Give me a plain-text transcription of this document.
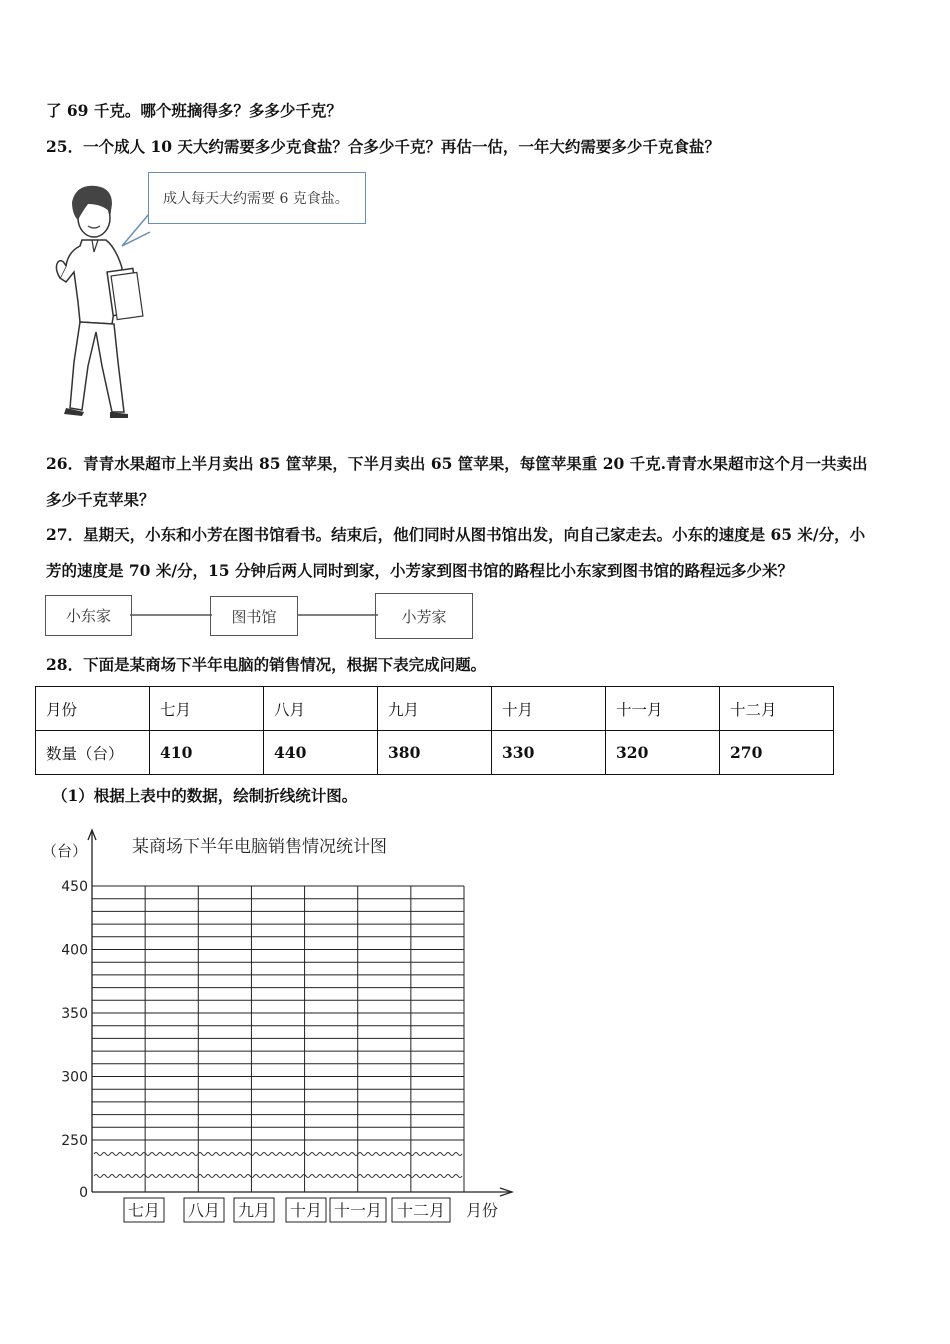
了 69 千克。哪个班摘得多？多多少千克？
25．一个成人 10 天大约需要多少克食盐？合多少千克？再估一估，一年大约需要多少千克食盐？
成人每天大约需要 6 克食盐。
26．青青水果超市上半月卖出 85 筐苹果，下半月卖出 65 筐苹果，每筐苹果重 20 千克.青青水果超市这个月一共卖出
多少千克苹果？
27．星期天，小东和小芳在图书馆看书。结束后，他们同时从图书馆出发，向自己家走去。小东的速度是 65 米/分，小
芳的速度是 70 米/分，15 分钟后两人同时到家，小芳家到图书馆的路程比小东家到图书馆的路程远多少米？
小东家	图书馆	小芳家
28．下面是某商场下半年电脑的销售情况，根据下表完成问题。
月份	七月	八月	九月	十月	十一月	十二月
数量（台）	410	440	380	330	320	270
（1）根据上表中的数据，绘制折线统计图。
某商场下半年电脑销售情况统计图
（台）
月份
0
250
300
350
400
450
七月 八月 九月 十月 十一月 十二月
